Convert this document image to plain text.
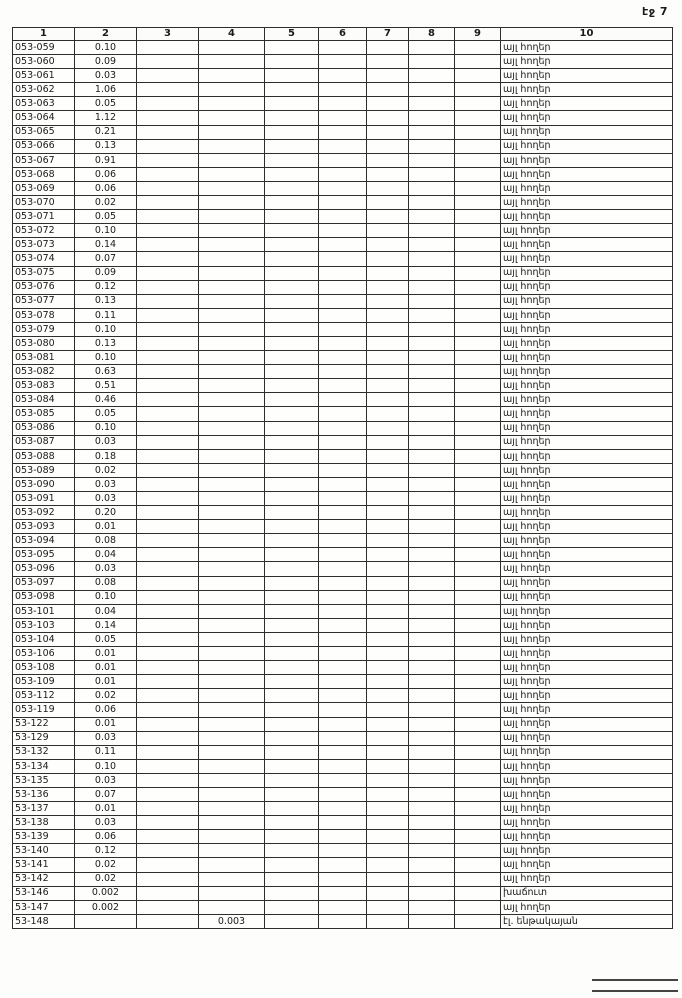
էջ 7
1	2	3	4	5	6	7	8	9	10
053-059	0.10								այլ հողեր
053-060	0.09								այլ հողեր
053-061	0.03								այլ հողեր
053-062	1.06								այլ հողեր
053-063	0.05								այլ հողեր
053-064	1.12								այլ հողեր
053-065	0.21								այլ հողեր
053-066	0.13								այլ հողեր
053-067	0.91								այլ հողեր
053-068	0.06								այլ հողեր
053-069	0.06								այլ հողեր
053-070	0.02								այլ հողեր
053-071	0.05								այլ հողեր
053-072	0.10								այլ հողեր
053-073	0.14								այլ հողեր
053-074	0.07								այլ հողեր
053-075	0.09								այլ հողեր
053-076	0.12								այլ հողեր
053-077	0.13								այլ հողեր
053-078	0.11								այլ հողեր
053-079	0.10								այլ հողեր
053-080	0.13								այլ հողեր
053-081	0.10								այլ հողեր
053-082	0.63								այլ հողեր
053-083	0.51								այլ հողեր
053-084	0.46								այլ հողեր
053-085	0.05								այլ հողեր
053-086	0.10								այլ հողեր
053-087	0.03								այլ հողեր
053-088	0.18								այլ հողեր
053-089	0.02								այլ հողեր
053-090	0.03								այլ հողեր
053-091	0.03								այլ հողեր
053-092	0.20								այլ հողեր
053-093	0.01								այլ հողեր
053-094	0.08								այլ հողեր
053-095	0.04								այլ հողեր
053-096	0.03								այլ հողեր
053-097	0.08								այլ հողեր
053-098	0.10								այլ հողեր
053-101	0.04								այլ հողեր
053-103	0.14								այլ հողեր
053-104	0.05								այլ հողեր
053-106	0.01								այլ հողեր
053-108	0.01								այլ հողեր
053-109	0.01								այլ հողեր
053-112	0.02								այլ հողեր
053-119	0.06								այլ հողեր
53-122	0.01								այլ հողեր
53-129	0.03								այլ հողեր
53-132	0.11								այլ հողեր
53-134	0.10								այլ հողեր
53-135	0.03								այլ հողեր
53-136	0.07								այլ հողեր
53-137	0.01								այլ հողեր
53-138	0.03								այլ հողեր
53-139	0.06								այլ հողեր
53-140	0.12								այլ հողեր
53-141	0.02								այլ հողեր
53-142	0.02								այլ հողեր
53-146	0.002								խաճուտ
53-147	0.002								այլ հողեր
53-148			0.003						էլ. ենթակայան
